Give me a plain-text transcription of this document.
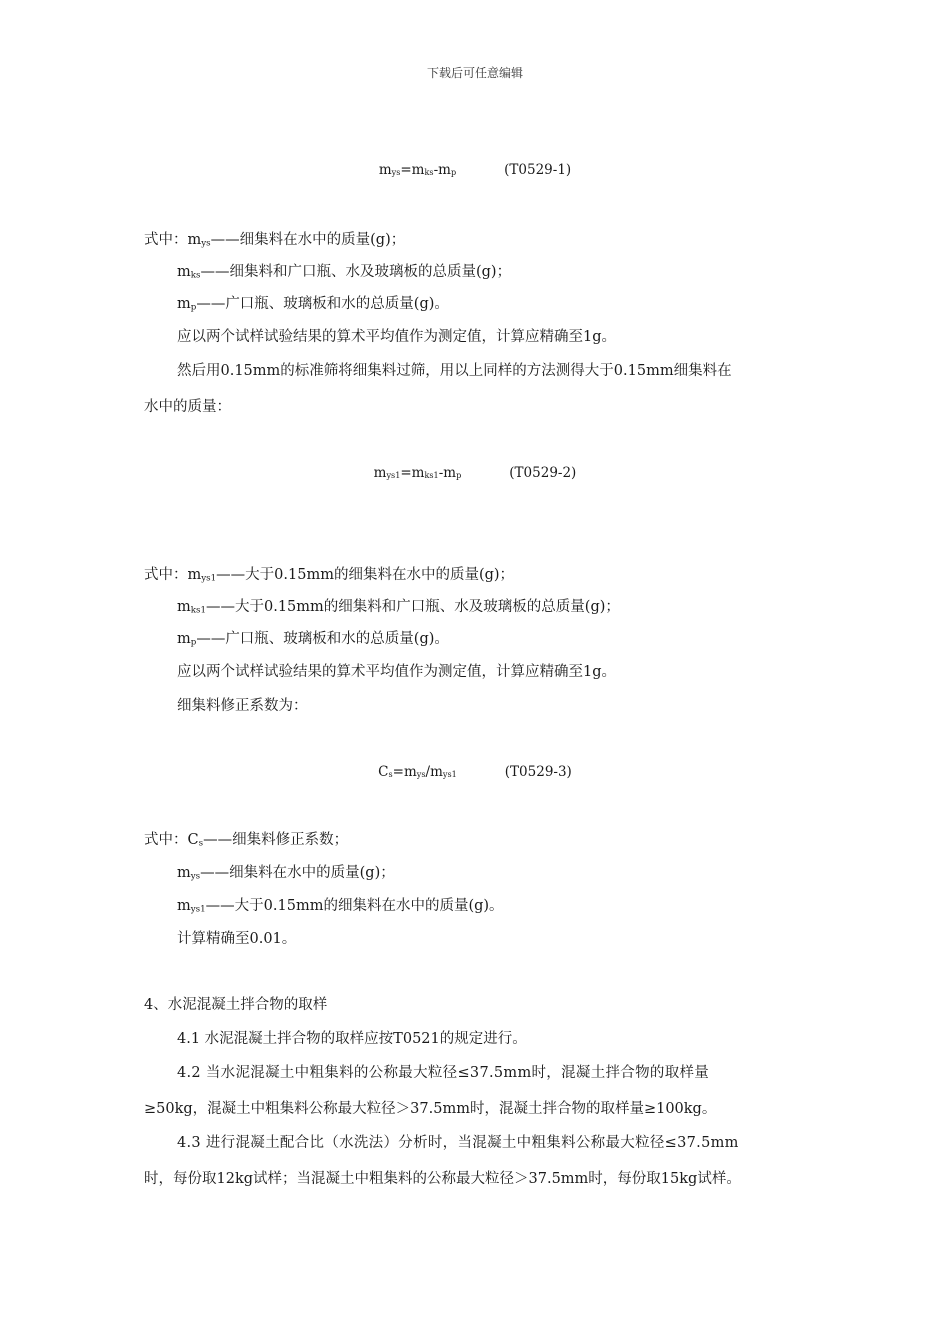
下载后可任意编辑
$m_{ys}=m_{ks}-m_p$	(T0529-1)
式中：$m_{ys}——$细集料在水中的质量(g)；
$m_{ks}——$细集料和广口瓶、水及玻璃板的总质量(g)；
$m_p——$广口瓶、玻璃板和水的总质量(g)。
应以两个试样试验结果的算术平均值作为测定值，计算应精确至1g。
然后用0.15mm的标准筛将细集料过筛，用以上同样的方法测得大于0.15mm细集料在
水中的质量：
$m_{ys1}=m_{ks1}-m_p$	(T0529-2)
式中：$m_{ys1}——$大于0.15mm的细集料在水中的质量(g)；
$m_{ks1}——$大于0.15mm的细集料和广口瓶、水及玻璃板的总质量(g)；
$m_p——$广口瓶、玻璃板和水的总质量(g)。
应以两个试样试验结果的算术平均值作为测定值，计算应精确至1g。
细集料修正系数为：
$C_s=m_{ys}/m_{ys1}$	(T0529-3)
式中：$C_s——$细集料修正系数；
$m_{ys}——$细集料在水中的质量(g)；
$m_{ys1}——$大于0.15mm的细集料在水中的质量(g)。
计算精确至0.01。
4、水泥混凝土拌合物的取样
4.1 水泥混凝土拌合物的取样应按T0521的规定进行。
4.2 当水泥混凝土中粗集料的公称最大粒径≤37.5mm时，混凝土拌合物的取样量
≥50kg，混凝土中粗集料公称最大粒径＞37.5mm时，混凝土拌合物的取样量≥100kg。
4.3 进行混凝土配合比（水洗法）分析时，当混凝土中粗集料公称最大粒径≤37.5mm
时，每份取12kg试样；当混凝土中粗集料的公称最大粒径＞37.5mm时，每份取15kg试样。
